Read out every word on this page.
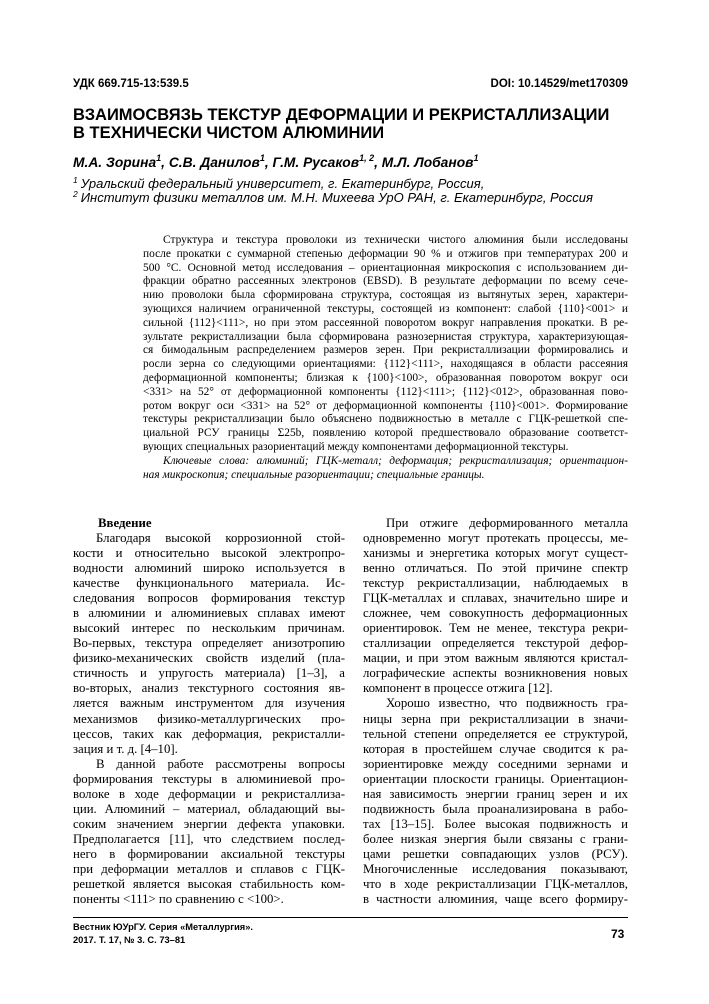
УДК 669.715-13:539.5	DOI: 10.14529/met170309
ВЗАИМОСВЯЗЬ ТЕКСТУР ДЕФОРМАЦИИ И РЕКРИСТАЛЛИЗАЦИИ
В ТЕХНИЧЕСКИ ЧИСТОМ АЛЮМИНИИ
М.А. Зорина$^1$, С.В. Данилов$^1$, Г.М. Русаков$^{1, 2}$, М.Л. Лобанов$^1$
$^1$ Уральский федеральный университет, г. Екатеринбург, Россия,
$^2$ Институт физики металлов им. М.Н. Михеева УрО РАН, г. Екатеринбург, Россия
Структура и текстура проволоки из технически чистого алюминия были исследованы
после прокатки с суммарной степенью деформации 90 % и отжигов при температурах 200 и
500 °С. Основной метод исследования – ориентационная микроскопия с использованием ди-
фракции обратно рассеянных электронов (EBSD). В результате деформации по всему сече-
нию проволоки была сформирована структура, состоящая из вытянутых зерен, характери-
зующихся наличием ограниченной текстуры, состоящей из компонент: слабой {110}<001> и
сильной {112}<111>, но при этом рассеянной поворотом вокруг направления прокатки. В ре-
зультате рекристаллизации была сформирована разнозернистая структура, характеризующая-
ся бимодальным распределением размеров зерен. При рекристаллизации формировались и
росли зерна со следующими ориентациями: {112}<111>, находящаяся в области рассеяния
деформационной компоненты; близкая к {100}<100>, образованная поворотом вокруг оси
<331> на 52° от деформационной компоненты {112}<111>; {112}<012>, образованная пово-
ротом вокруг оси <331> на 52° от деформационной компоненты {110}<001>. Формирование
текстуры рекристаллизации было объяснено подвижностью в металле с ГЦК-решеткой спе-
циальной РСУ границы Σ25b, появлению которой предшествовало образование соответст-
вующих специальных разориентаций между компонентами деформационной текстуры.
Ключевые слова: алюминий; ГЦК-металл; деформация; рекристаллизация; ориентацион-
ная микроскопия; специальные разориентации; специальные границы.
Введение
Благодаря высокой коррозионной стой-
кости и относительно высокой электропро-
водности алюминий широко используется в
качестве функционального материала. Ис-
следования вопросов формирования текстур
в алюминии и алюминиевых сплавах имеют
высокий интерес по нескольким причинам.
Во-первых, текстура определяет анизотропию
физико-механических свойств изделий (пла-
стичность и упругость материала) [1–3], а
во-вторых, анализ текстурного состояния яв-
ляется важным инструментом для изучения
механизмов физико-металлургических про-
цессов, таких как деформация, рекристалли-
зация и т. д. [4–10].
В данной работе рассмотрены вопросы
формирования текстуры в алюминиевой про-
волоке в ходе деформации и рекристаллиза-
ции. Алюминий – материал, обладающий вы-
соким значением энергии дефекта упаковки.
Предполагается [11], что следствием послед-
него в формировании аксиальной текстуры
при деформации металлов и сплавов с ГЦК-
решеткой является высокая стабильность ком-
поненты <111> по сравнению с <100>.
При отжиге деформированного металла
одновременно могут протекать процессы, ме-
ханизмы и энергетика которых могут сущест-
венно отличаться. По этой причине спектр
текстур рекристаллизации, наблюдаемых в
ГЦК-металлах и сплавах, значительно шире и
сложнее, чем совокупность деформационных
ориентировок. Тем не менее, текстура рекри-
сталлизации определяется текстурой дефор-
мации, и при этом важным являются кристал-
лографические аспекты возникновения новых
компонент в процессе отжига [12].
Хорошо известно, что подвижность гра-
ницы зерна при рекристаллизации в значи-
тельной степени определяется ее структурой,
которая в простейшем случае сводится к ра-
зориентировке между соседними зернами и
ориентации плоскости границы. Ориентацион-
ная зависимость энергии границ зерен и их
подвижность была проанализирована в рабо-
тах [13–15]. Более высокая подвижность и
более низкая энергия были связаны с грани-
цами решетки совпадающих узлов (РСУ).
Многочисленные исследования показывают,
что в ходе рекристаллизации ГЦК-металлов,
в частности алюминия, чаще всего формиру-
Вестник ЮУрГУ. Серия «Металлургия».
2017. Т. 17, № 3. С. 73–81	73
